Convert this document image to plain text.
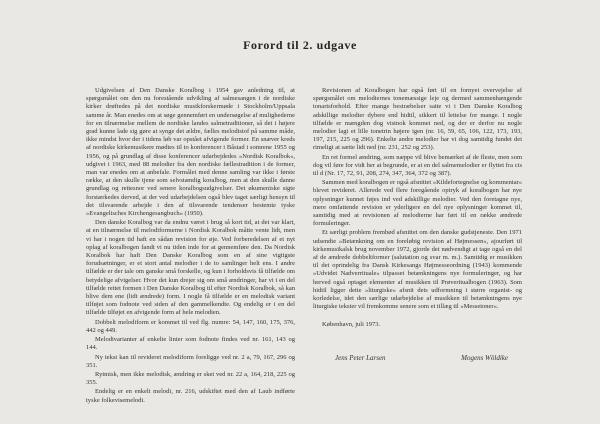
Forord til 2. udgave

Udgivelsen af Den Danske Koralbog i 1954 gav anledning til, at spørgsmålet om den nu forestående udvikling af salmesangen i de nordiske kirker drøftedes på det nordiske musikforskermøde i Stockholm/Uppsala samme år. Man enedes om at søge gennemført en undersøgelse af mulighederne for en tilnærmelse mellem de nordiske landes salmetraditioner, så det i højere grad kunne lade sig gøre at synge det ældre, fælles melodistof på samme måde, ikke mindst hvor der i tidens løb var opstået afvigende former. En snæver kreds af nordiske kirkemusikere mødtes til to konferencer i Båstad i somrene 1955 og 1956, og på grundlag af disse konferencer udarbejdedes »Nordisk Koralbok«, udgivet i 1963, med 88 melodier fra den nordiske fællestradition i de former, man var enedes om at anbefale. Formålet med denne samling var ikke i første række, at den skulle tjene som selvstændig koralbog, men at den skulle danne grundlag og rettesnor ved senere koralbogsudgivelser. Det økumeniske sigte forstærkedes derved, at der ved udarbejdelsen også blev taget særligt hensyn til det tilsvarende arbejde i den af tilsvarende tendenser bestemte tyske »Evangelisches Kirchengesangbuch« (1950).

Den danske Koralbog var da endnu været i brug så kort tid, at det var klart, at en tilnærmelse til melodiformerne i Nordisk Koralbok måtte vente lidt, men vi har i nogen tid haft en sådan revision for øje. Ved forberedelsen af et nyt oplag af koralbogen fandt vi nu tiden inde for at gennemføre den. Da Nordisk Koralbok har haft Den Danske Koralbog som en af sine vigtigste forudsætninger, er et stort antal melodier i de to samlinger helt ens. I andre tilfælde er der tale om ganske små forskelle, og kun i forholdsvis få tilfælde om betydelige afvigelser. Hvor det kun drejer sig om små ændringer, har vi i en del tilfælde rettet formen i Den Danske Koralbog til efter Nordisk Koralbok, så kan blive dem ene (lidt ændrede) form. I nogle få tilfælde er en melodisk variant tilføjet som fodnote ved siden af den gammelkendte. Og endelig er i en del tilfælde tilføjet en afvigende form af hele melodien.

Dobbelt melodiform er kommet til ved flg. numre: 54, 147, 160, 175, 376, 442 og 449.

Melodivarianter af enkelte linier som fodnote findes ved nr. 161, 143 og 144.

Ny tekst kan til revideret melodiform foreligge ved nr. 2 a, 79, 167, 296 og 351.

Rytmisk, men ikke melodisk, ændring er sket ved nr. 22 a, 164, 218, 225 og 355.

Endelig er en enkelt melodi, nr. 216, udskiftet med den af Laub indførte tyske folkevisemelodi.

Revisionen af Koralbogen har også ført til en fornyet overvejelse af spørgsmålet om melodiernes tonemæssige leje og dermed sammenhængende tonartsforhold. Efter mange bestræbelser satte vi i Den Danske Koralbog adskillige melodier dybere end hidtil, sikkert til lettelse for mange. I nogle tilfælde er mængden dog vistnok kommet ned, og der er derfor nu nogle melodier lagt et lille tonetrin højere igen (nr. 16, 59, 65, 106, 122, 173, 193, 197, 215, 225 og 296). Enkelte andre melodier har vi dog samtidig fundet det rimeligt at sætte lidt ned (nr. 231, 252 og 253).

En ret formel ændring, som næppe vil blive bemærket af de fleste, men som dog vil føre for vidt her at begrunde, er at en del salmemelodier er flyttet fra cis til d (Nr. 17, 72, 91, 208, 274, 347, 364, 372 og 387).

Sammen med koralbogen er også afsnittet »Kildefortegnelse og kommentar« blevet revideret. Allerede ved flere foregående optryk af koralbogen har nye oplysninger kunnet føjes ind ved adskillige melodier. Ved den foretagne nye, mere omfattende revision er yderligere en del nye oplysninger kommet til, samtidig med at revisionen af melodierne har ført til en række ændrede formuleringer.

Et særligt problem frembød afsnittet om den danske gudstjeneste. Den 1971 udsendte »Betænkning om en foreløbig revision af Højmessen«, ajourført til kirkemusikalsk brug november 1972, gjorde det nødvendigt at tage også en del af de ændrede dobbeltformer (salutation og svar m. m.). Samtidig er musikken til det oprindelig fra Dansk Kirkesangs Højmesseordning (1943) kommende »Udvidet Nadverrituale« tilpasset betænkningens nye formuleringer, og har herved også optaget elementer af musikken til Prøveritualbogen (1963). Som hidtil ligger dette »liturgiske« afsnit dets udformning i større organist- og korledelse, idet den særlige udarbejdelse af musikken til betænkningens nye liturgiske tekster vil fremkomme senere som et tillæg til »Messetoner«.

København, juli 1973.

Jens Peter Larsen	Mogens Wöldike
